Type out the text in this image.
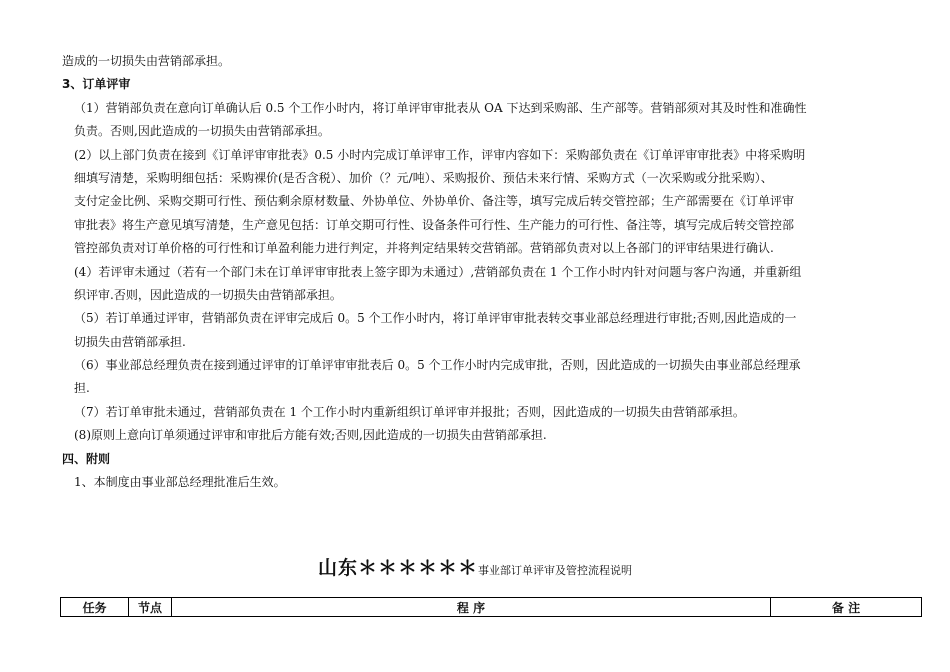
造成的一切损失由营销部承担。

3、订单评审

（1）营销部负责在意向订单确认后 0.5 个工作小时内，将订单评审审批表从 OA 下达到采购部、生产部等。营销部须对其及时性和准确性

负责。否则,因此造成的一切损失由营销部承担。

(2）以上部门负责在接到《订单评审审批表》0.5 小时内完成订单评审工作，评审内容如下：采购部负责在《订单评审审批表》中将采购明

细填写清楚，采购明细包括：采购裸价(是否含税）、加价（？元/吨）、采购报价、预估未来行情、采购方式（一次采购或分批采购）、

支付定金比例、采购交期可行性、预估剩余原材数量、外协单位、外协单价、备注等，填写完成后转交管控部；生产部需要在《订单评审

审批表》将生产意见填写清楚，生产意见包括：订单交期可行性、设备条件可行性、生产能力的可行性、备注等，填写完成后转交管控部

管控部负责对订单价格的可行性和订单盈利能力进行判定，并将判定结果转交营销部。营销部负责对以上各部门的评审结果进行确认.

(4）若评审未通过（若有一个部门未在订单评审审批表上签字即为未通过）,营销部负责在 1 个工作小时内针对问题与客户沟通，并重新组

织评审.否则，因此造成的一切损失由营销部承担。

（5）若订单通过评审，营销部负责在评审完成后 0。5 个工作小时内，将订单评审审批表转交事业部总经理进行审批;否则,因此造成的一

切损失由营销部承担.

（6）事业部总经理负责在接到通过评审的订单评审审批表后 0。5 个工作小时内完成审批，否则，因此造成的一切损失由事业部总经理承

担.

（7）若订单审批未通过，营销部负责在 1 个工作小时内重新组织订单评审并报批；否则，因此造成的一切损失由营销部承担。

(8)原则上意向订单须通过评审和审批后方能有效;否则,因此造成的一切损失由营销部承担.

四、附则

1、本制度由事业部总经理批准后生效。

山东＊＊＊＊＊＊事业部订单评审及管控流程说明
任务	节点	程 序	备 注
